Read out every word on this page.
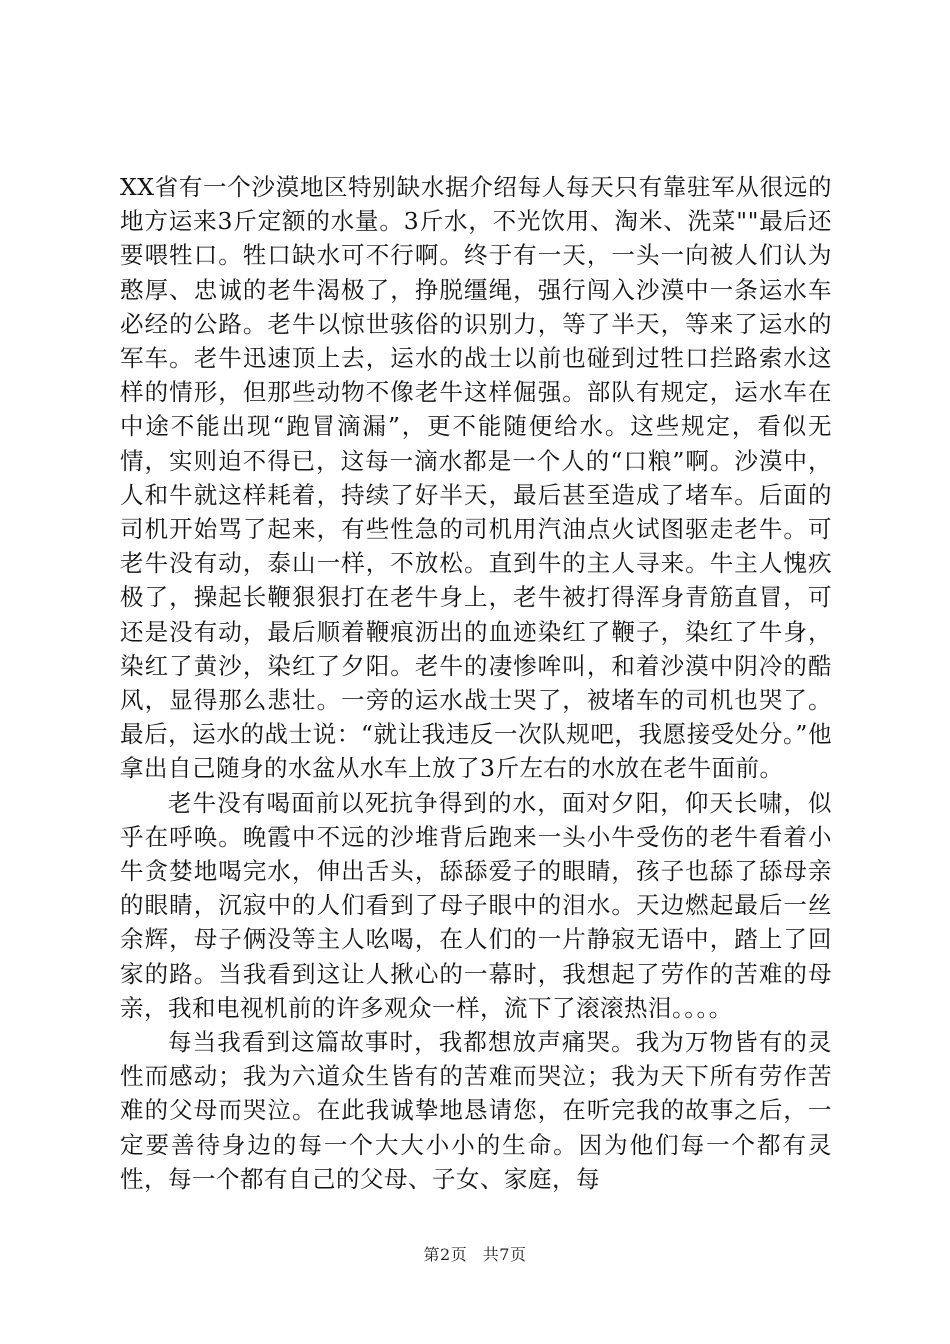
XX省有一个沙漠地区特别缺水据介绍每人每天只有靠驻军从很远的地方运来3斤定额的水量。3斤水，不光饮用、淘米、洗菜""最后还要喂牲口。牲口缺水可不行啊。终于有一天，一头一向被人们认为憨厚、忠诚的老牛渴极了，挣脱缰绳，强行闯入沙漠中一条运水车必经的公路。老牛以惊世骇俗的识别力，等了半天，等来了运水的军车。老牛迅速顶上去，运水的战士以前也碰到过牲口拦路索水这样的情形，但那些动物不像老牛这样倔强。部队有规定，运水车在中途不能出现“跑冒滴漏”，更不能随便给水。这些规定，看似无情，实则迫不得已，这每一滴水都是一个人的“口粮”啊。沙漠中，人和牛就这样耗着，持续了好半天，最后甚至造成了堵车。后面的司机开始骂了起来，有些性急的司机用汽油点火试图驱走老牛。可老牛没有动，泰山一样，不放松。直到牛的主人寻来。牛主人愧疚极了，操起长鞭狠狠打在老牛身上，老牛被打得浑身青筋直冒，可还是没有动，最后顺着鞭痕沥出的血迹染红了鞭子，染红了牛身，染红了黄沙，染红了夕阳。老牛的凄惨哞叫，和着沙漠中阴冷的酷风，显得那么悲壮。一旁的运水战士哭了，被堵车的司机也哭了。最后，运水的战士说：“就让我违反一次队规吧，我愿接受处分。”他拿出自己随身的水盆从水车上放了3斤左右的水放在老牛面前。

老牛没有喝面前以死抗争得到的水，面对夕阳，仰天长啸，似乎在呼唤。晚霞中不远的沙堆背后跑来一头小牛受伤的老牛看着小牛贪婪地喝完水，伸出舌头，舔舔爱子的眼睛，孩子也舔了舔母亲的眼睛，沉寂中的人们看到了母子眼中的泪水。天边燃起最后一丝余辉，母子俩没等主人吆喝，在人们的一片静寂无语中，踏上了回家的路。当我看到这让人揪心的一幕时，我想起了劳作的苦难的母亲，我和电视机前的许多观众一样，流下了滚滚热泪。。。。

每当我看到这篇故事时，我都想放声痛哭。我为万物皆有的灵性而感动；我为六道众生皆有的苦难而哭泣；我为天下所有劳作苦难的父母而哭泣。在此我诚挚地恳请您，在听完我的故事之后，一定要善待身边的每一个大大小小的生命。因为他们每一个都有灵性，每一个都有自己的父母、子女、家庭，每

第2页 共7页
